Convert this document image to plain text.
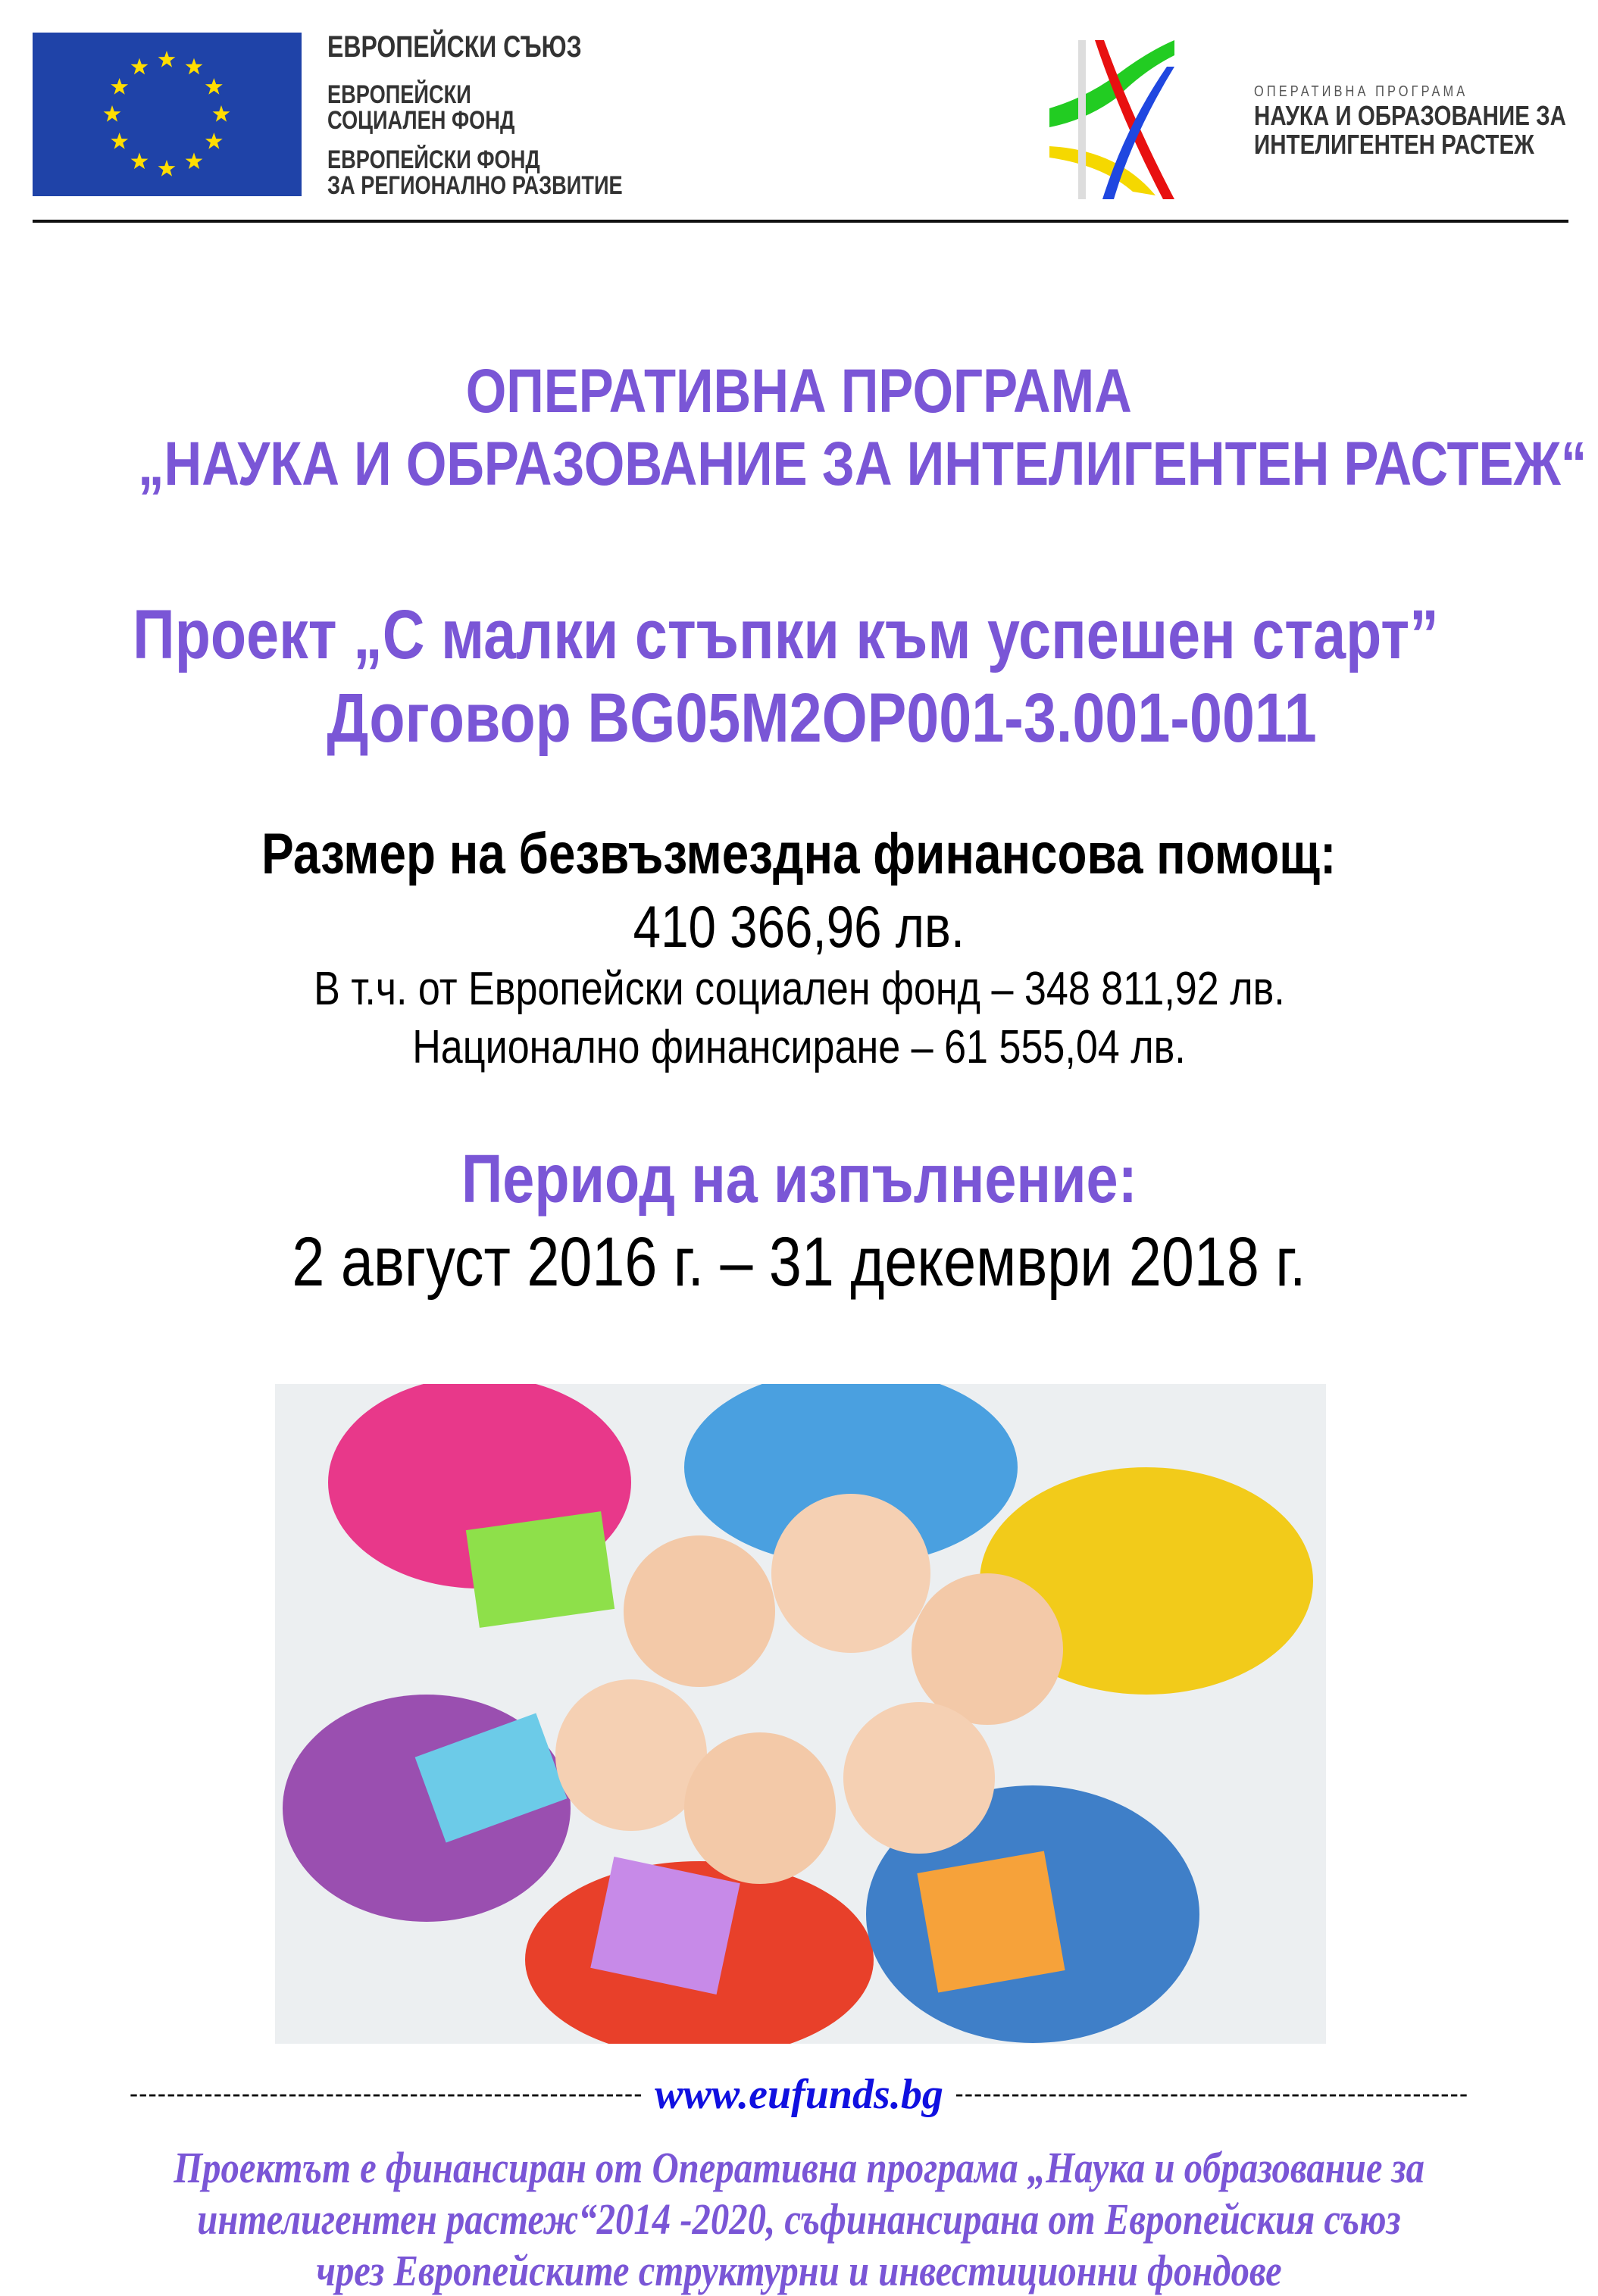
ЕВРОПЕЙСКИ СЪЮЗ
ЕВРОПЕЙСКИ
СОЦИАЛЕН ФОНД
ЕВРОПЕЙСКИ ФОНД
ЗА РЕГИОНАЛНО РАЗВИТИЕ
ОПЕРАТИВНА ПРОГРАМА
НАУКА И ОБРАЗОВАНИЕ ЗА
ИНТЕЛИГЕНТЕН РАСТЕЖ
ОПЕРАТИВНА ПРОГРАМА
„НАУКА И ОБРАЗОВАНИЕ ЗА ИНТЕЛИГЕНТЕН РАСТЕЖ“
Проект „С малки стъпки към успешен старт”
Договор BG05M2OP001-3.001-0011
Размер на безвъзмездна финансова помощ:
410 366,96 лв.
В т.ч. от Европейски социален фонд – 348 811,92 лв.
Национално финансиране – 61 555,04 лв.
Период на изпълнение:
2 август 2016 г. – 31 декември 2018 г.
------------------------------------------------------- www.eufunds.bg -------------------------------------------------------
Проектът е финансиран от Оперативна програма „Наука и образование за
интелигентен растеж“2014 -2020, съфинансирана от Европейския съюз
чрез Европейските структурни и инвестиционни фондове
